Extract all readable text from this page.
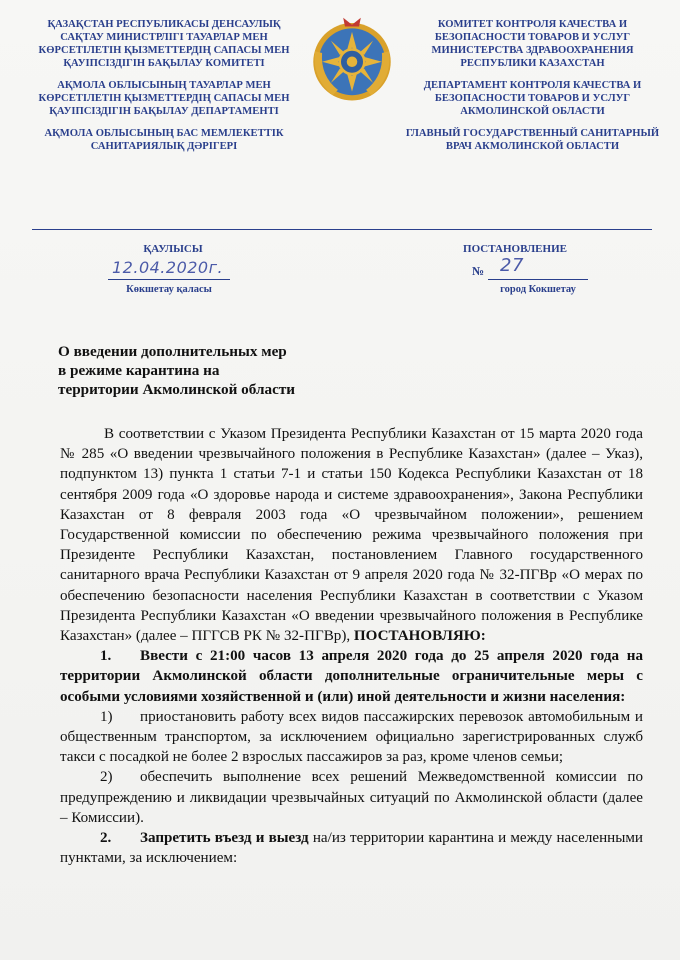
ҚАЗАҚСТАН РЕСПУБЛИКАСЫ ДЕНСАУЛЫҚ САҚТАУ МИНИСТРЛІГІ ТАУАРЛАР МЕН КӨРСЕТІЛЕТІН ҚЫЗМЕТТЕРДІҢ САПАСЫ МЕН ҚАУІПСІЗДІГІН БАҚЫЛАУ КОМИТЕТІ

АҚМОЛА ОБЛЫСЫНЫҢ ТАУАРЛАР МЕН КӨРСЕТІЛЕТІН ҚЫЗМЕТТЕРДІҢ САПАСЫ МЕН ҚАУІПСІЗДІГІН БАҚЫЛАУ ДЕПАРТАМЕНТІ

АҚМОЛА ОБЛЫСЫНЫҢ БАС МЕМЛЕКЕТТІК САНИТАРИЯЛЫҚ ДӘРІГЕРІ

КОМИТЕТ КОНТРОЛЯ КАЧЕСТВА И БЕЗОПАСНОСТИ ТОВАРОВ И УСЛУГ МИНИСТЕРСТВА ЗДРАВООХРАНЕНИЯ РЕСПУБЛИКИ КАЗАХСТАН

ДЕПАРТАМЕНТ КОНТРОЛЯ КАЧЕСТВА И БЕЗОПАСНОСТИ ТОВАРОВ И УСЛУГ АКМОЛИНСКОЙ ОБЛАСТИ

ГЛАВНЫЙ ГОСУДАРСТВЕННЫЙ САНИТАРНЫЙ ВРАЧ АКМОЛИНСКОЙ ОБЛАСТИ

ҚАУЛЫСЫ	ПОСТАНОВЛЕНИЕ
12.04.2020г.	№ 27
Көкшетау қаласы	город Кокшетау
О введении дополнительных мер
в режиме карантина на
территории Акмолинской области

В соответствии с Указом Президента Республики Казахстан от 15 марта 2020 года № 285 «О введении чрезвычайного положения в Республике Казахстан» (далее – Указ), подпунктом 13) пункта 1 статьи 7-1 и статьи 150 Кодекса Республики Казахстан от 18 сентября 2009 года «О здоровье народа и системе здравоохранения», Закона Республики Казахстан от 8 февраля 2003 года «О чрезвычайном положении», решением Государственной комиссии по обеспечению режима чрезвычайного положения при Президенте Республики Казахстан, постановлением Главного государственного санитарного врача Республики Казахстан от 9 апреля 2020 года № 32-ПГВр «О мерах по обеспечению безопасности населения Республики Казахстан в соответствии с Указом Президента Республики Казахстан «О введении чрезвычайного положения в Республике Казахстан» (далее – ПГГСВ РК № 32-ПГВр), ПОСТАНОВЛЯЮ:

1. Ввести с 21:00 часов 13 апреля 2020 года до 25 апреля 2020 года на территории Акмолинской области дополнительные ограничительные меры с особыми условиями хозяйственной и (или) иной деятельности и жизни населения:

1) приостановить работу всех видов пассажирских перевозок автомобильным и общественным транспортом, за исключением официально зарегистрированных служб такси с посадкой не более 2 взрослых пассажиров за раз, кроме членов семьи;

2) обеспечить выполнение всех решений Межведомственной комиссии по предупреждению и ликвидации чрезвычайных ситуаций по Акмолинской области (далее – Комиссии).

2. Запретить въезд и выезд на/из территории карантина и между населенными пунктами, за исключением:
